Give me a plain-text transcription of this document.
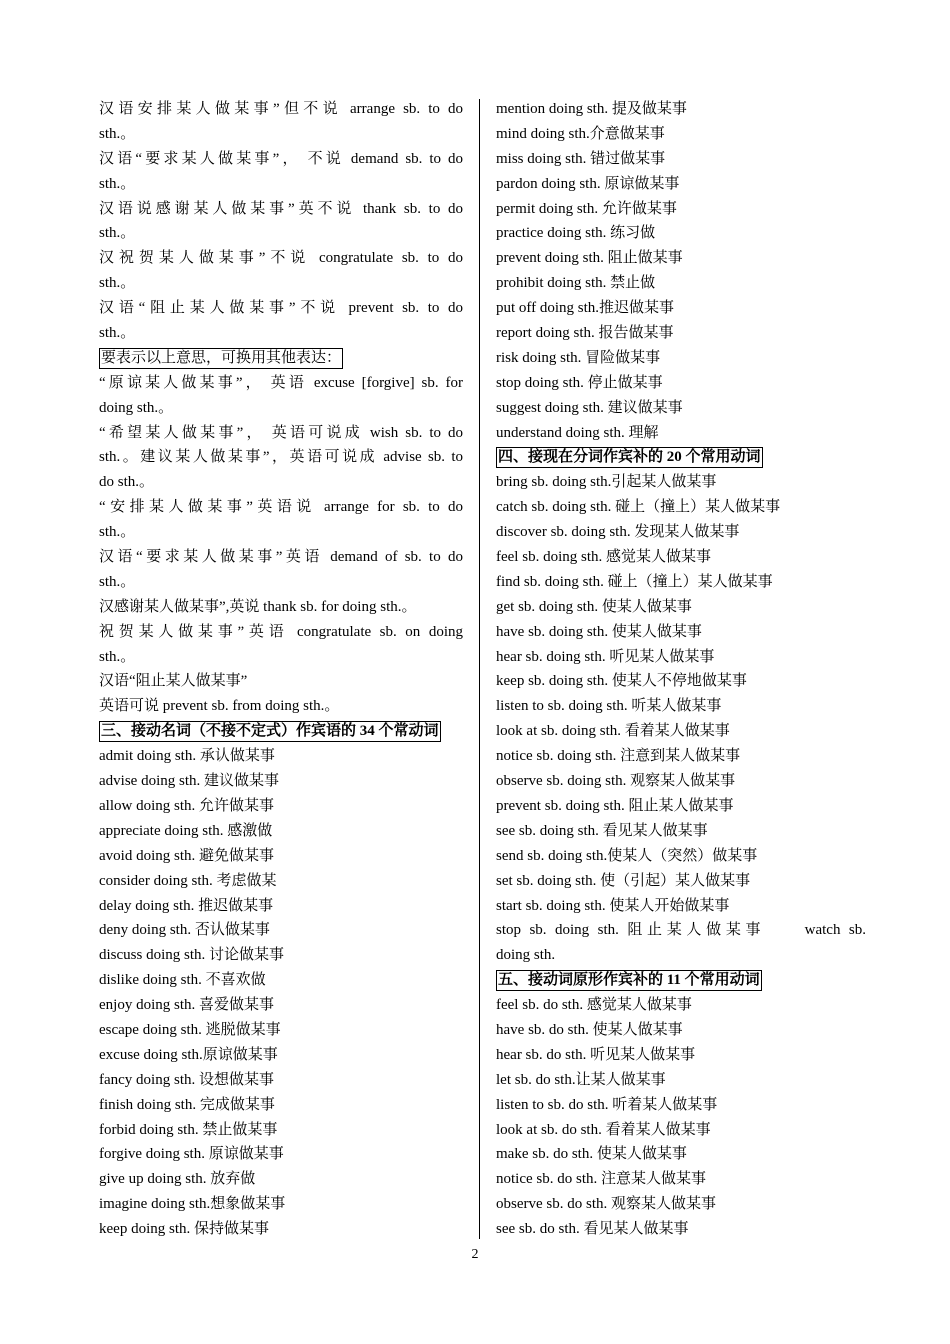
汉语安排某人做某事”但不说 arrange sb. to do
sth.。
汉语“要求某人做某事”， 不说 demand sb. to do
sth.。
汉语说感谢某人做某事”英不说 thank sb. to do
sth.。
汉祝贺某人做某事”不说 congratulate sb. to do
sth.。
汉语“阻止某人做某事”不说 prevent sb. to do
sth.。
要表示以上意思，可换用其他表达：
“原谅某人做某事”， 英语 excuse [forgive] sb. for
doing sth.。
“希望某人做某事”， 英语可说成 wish sb. to do
sth.。建议某人做某事”，英语可说成 advise sb. to
do sth.。
“安排某人做某事”英语说 arrange for sb. to do
sth.。
汉语“要求某人做某事”英语 demand of sb. to do
sth.。
汉感谢某人做某事”,英说 thank sb. for doing sth.。
祝贺某人做某事”英语 congratulate sb. on doing
sth.。
汉语“阻止某人做某事”
英语可说 prevent sb. from doing sth.。
三、接动名词（不接不定式）作宾语的 34 个常动词
admit doing sth. 承认做某事
advise doing sth. 建议做某事
allow doing sth. 允许做某事
appreciate doing sth. 感激做
avoid doing sth. 避免做某事
consider doing sth. 考虑做某
delay doing sth. 推迟做某事
deny doing sth. 否认做某事
discuss doing sth. 讨论做某事
dislike doing sth. 不喜欢做
enjoy doing sth. 喜爱做某事
escape doing sth. 逃脱做某事
excuse doing sth.原谅做某事
fancy doing sth. 设想做某事
finish doing sth. 完成做某事
forbid doing sth. 禁止做某事
forgive doing sth. 原谅做某事
give up doing sth. 放弃做
imagine doing sth.想象做某事
keep doing sth. 保持做某事
mention doing sth. 提及做某事
mind doing sth.介意做某事
miss doing sth. 错过做某事
pardon doing sth. 原谅做某事
permit doing sth. 允许做某事
practice doing sth. 练习做
prevent doing sth. 阻止做某事
prohibit doing sth. 禁止做
put off doing sth.推迟做某事
report doing sth. 报告做某事
risk doing sth. 冒险做某事
stop doing sth. 停止做某事
suggest doing sth. 建议做某事
understand doing sth. 理解
四、接现在分词作宾补的 20 个常用动词
bring sb. doing sth.引起某人做某事
catch sb. doing sth. 碰上（撞上）某人做某事
discover sb. doing sth. 发现某人做某事
feel sb. doing sth. 感觉某人做某事
find sb. doing sth. 碰上（撞上）某人做某事
get sb. doing sth. 使某人做某事
have sb. doing sth. 使某人做某事
hear sb. doing sth. 听见某人做某事
keep sb. doing sth. 使某人不停地做某事
listen to sb. doing sth. 听某人做某事
look at sb. doing sth. 看着某人做某事
notice sb. doing sth. 注意到某人做某事
observe sb. doing sth. 观察某人做某事
prevent sb. doing sth. 阻止某人做某事
see sb. doing sth. 看见某人做某事
send sb. doing sth.使某人（突然）做某事
set sb. doing sth. 使（引起）某人做某事
start sb. doing sth. 使某人开始做某事
stop sb. doing sth. 阻止某人做某事　　watch sb.
doing sth.
五、接动词原形作宾补的 11 个常用动词
feel sb. do sth. 感觉某人做某事
have sb. do sth. 使某人做某事
hear sb. do sth. 听见某人做某事
let sb. do sth.让某人做某事
listen to sb. do sth. 听着某人做某事
look at sb. do sth. 看着某人做某事
make sb. do sth. 使某人做某事
notice sb. do sth. 注意某人做某事
observe sb. do sth. 观察某人做某事
see sb. do sth. 看见某人做某事
2
